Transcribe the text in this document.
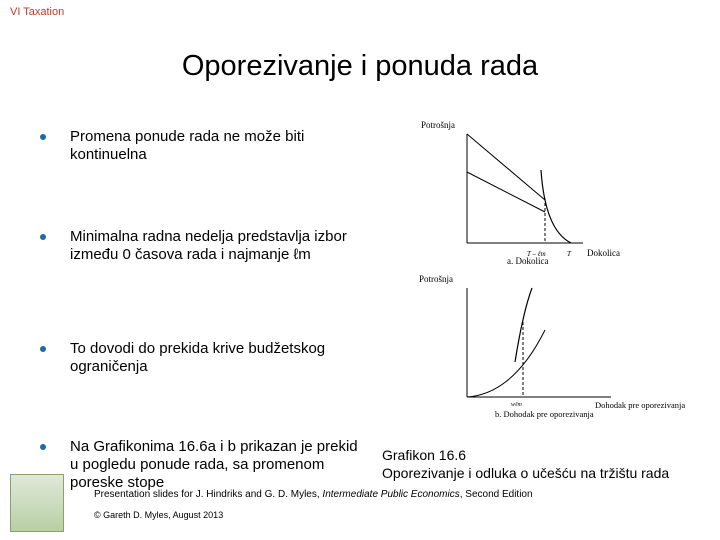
VI Taxation
Oporezivanje i ponuda rada
Promena ponude rada ne može biti kontinuelna
Minimalna radna nedelja predstavlja izbor između 0 časova rada i najmanje ℓm
To dovodi do prekida krive budžetskog ograničenja
Na Grafikonima 16.6a i b prikazan je prekid u pogledu ponude rada, sa promenom poreske stope
Potrošnja
T – ℓm	T Dokolica
a. Dokolica
Potrošnja
wℓm	Dohodak pre oporezivanja
b. Dohodak pre oporezivanja
Grafikon 16.6
Oporezivanje i odluka o učešću na tržištu rada
Presentation slides for J. Hindriks and G. D. Myles, Intermediate Public Economics, Second Edition
© Gareth D. Myles, August 2013
